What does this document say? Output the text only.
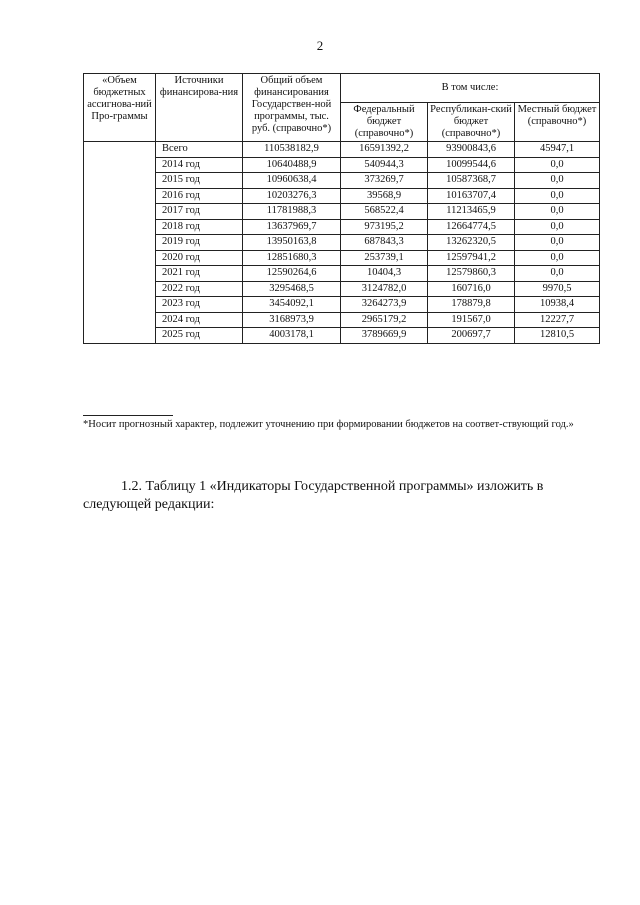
2
«Объем бюджетных ассигнова-ний Про-граммы	Источники финансирова-ния	Общий объем финансирования Государствен-ной программы, тыс. руб. (справочно*)	В том числе:		
			Федеральный бюджет (справочно*)	Республикан-ский бюджет (справочно*)	Местный бюджет (справочно*)
	Всего	110538182,9	16591392,2	93900843,6	45947,1
	2014 год	10640488,9	540944,3	10099544,6	0,0
	2015 год	10960638,4	373269,7	10587368,7	0,0
	2016 год	10203276,3	39568,9	10163707,4	0,0
	2017 год	11781988,3	568522,4	11213465,9	0,0
	2018 год	13637969,7	973195,2	12664774,5	0,0
	2019 год	13950163,8	687843,3	13262320,5	0,0
	2020 год	12851680,3	253739,1	12597941,2	0,0
	2021 год	12590264,6	10404,3	12579860,3	0,0
	2022 год	3295468,5	3124782,0	160716,0	9970,5
	2023 год	3454092,1	3264273,9	178879,8	10938,4
	2024 год	3168973,9	2965179,2	191567,0	12227,7
	2025 год	4003178,1	3789669,9	200697,7	12810,5
*Носит прогнозный характер, подлежит уточнению при формировании бюджетов на соответ-ствующий год.»
1.2. Таблицу 1 «Индикаторы Государственной программы» изложить в следующей редакции:
